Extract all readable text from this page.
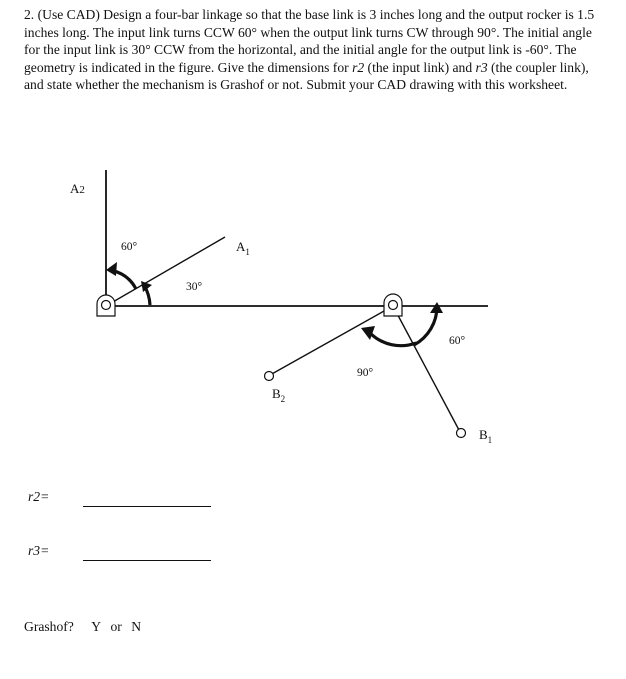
2. (Use CAD) Design a four-bar linkage so that the base link is 3 inches long and the output rocker is 1.5 inches long. The input link turns CCW 60° when the output link turns CW through 90°. The initial angle for the input link is 30° CCW from the horizontal, and the initial angle for the output link is -60°. The geometry is indicated in the figure. Give the dimensions for r2 (the input link) and r3 (the coupler link), and state whether the mechanism is Grashof or not. Submit your CAD drawing with this worksheet.

A2
60°	$A_1$
30°
60°
90°
$B_2$
$B_1$
r2=
r3=
Grashof? Y or N
